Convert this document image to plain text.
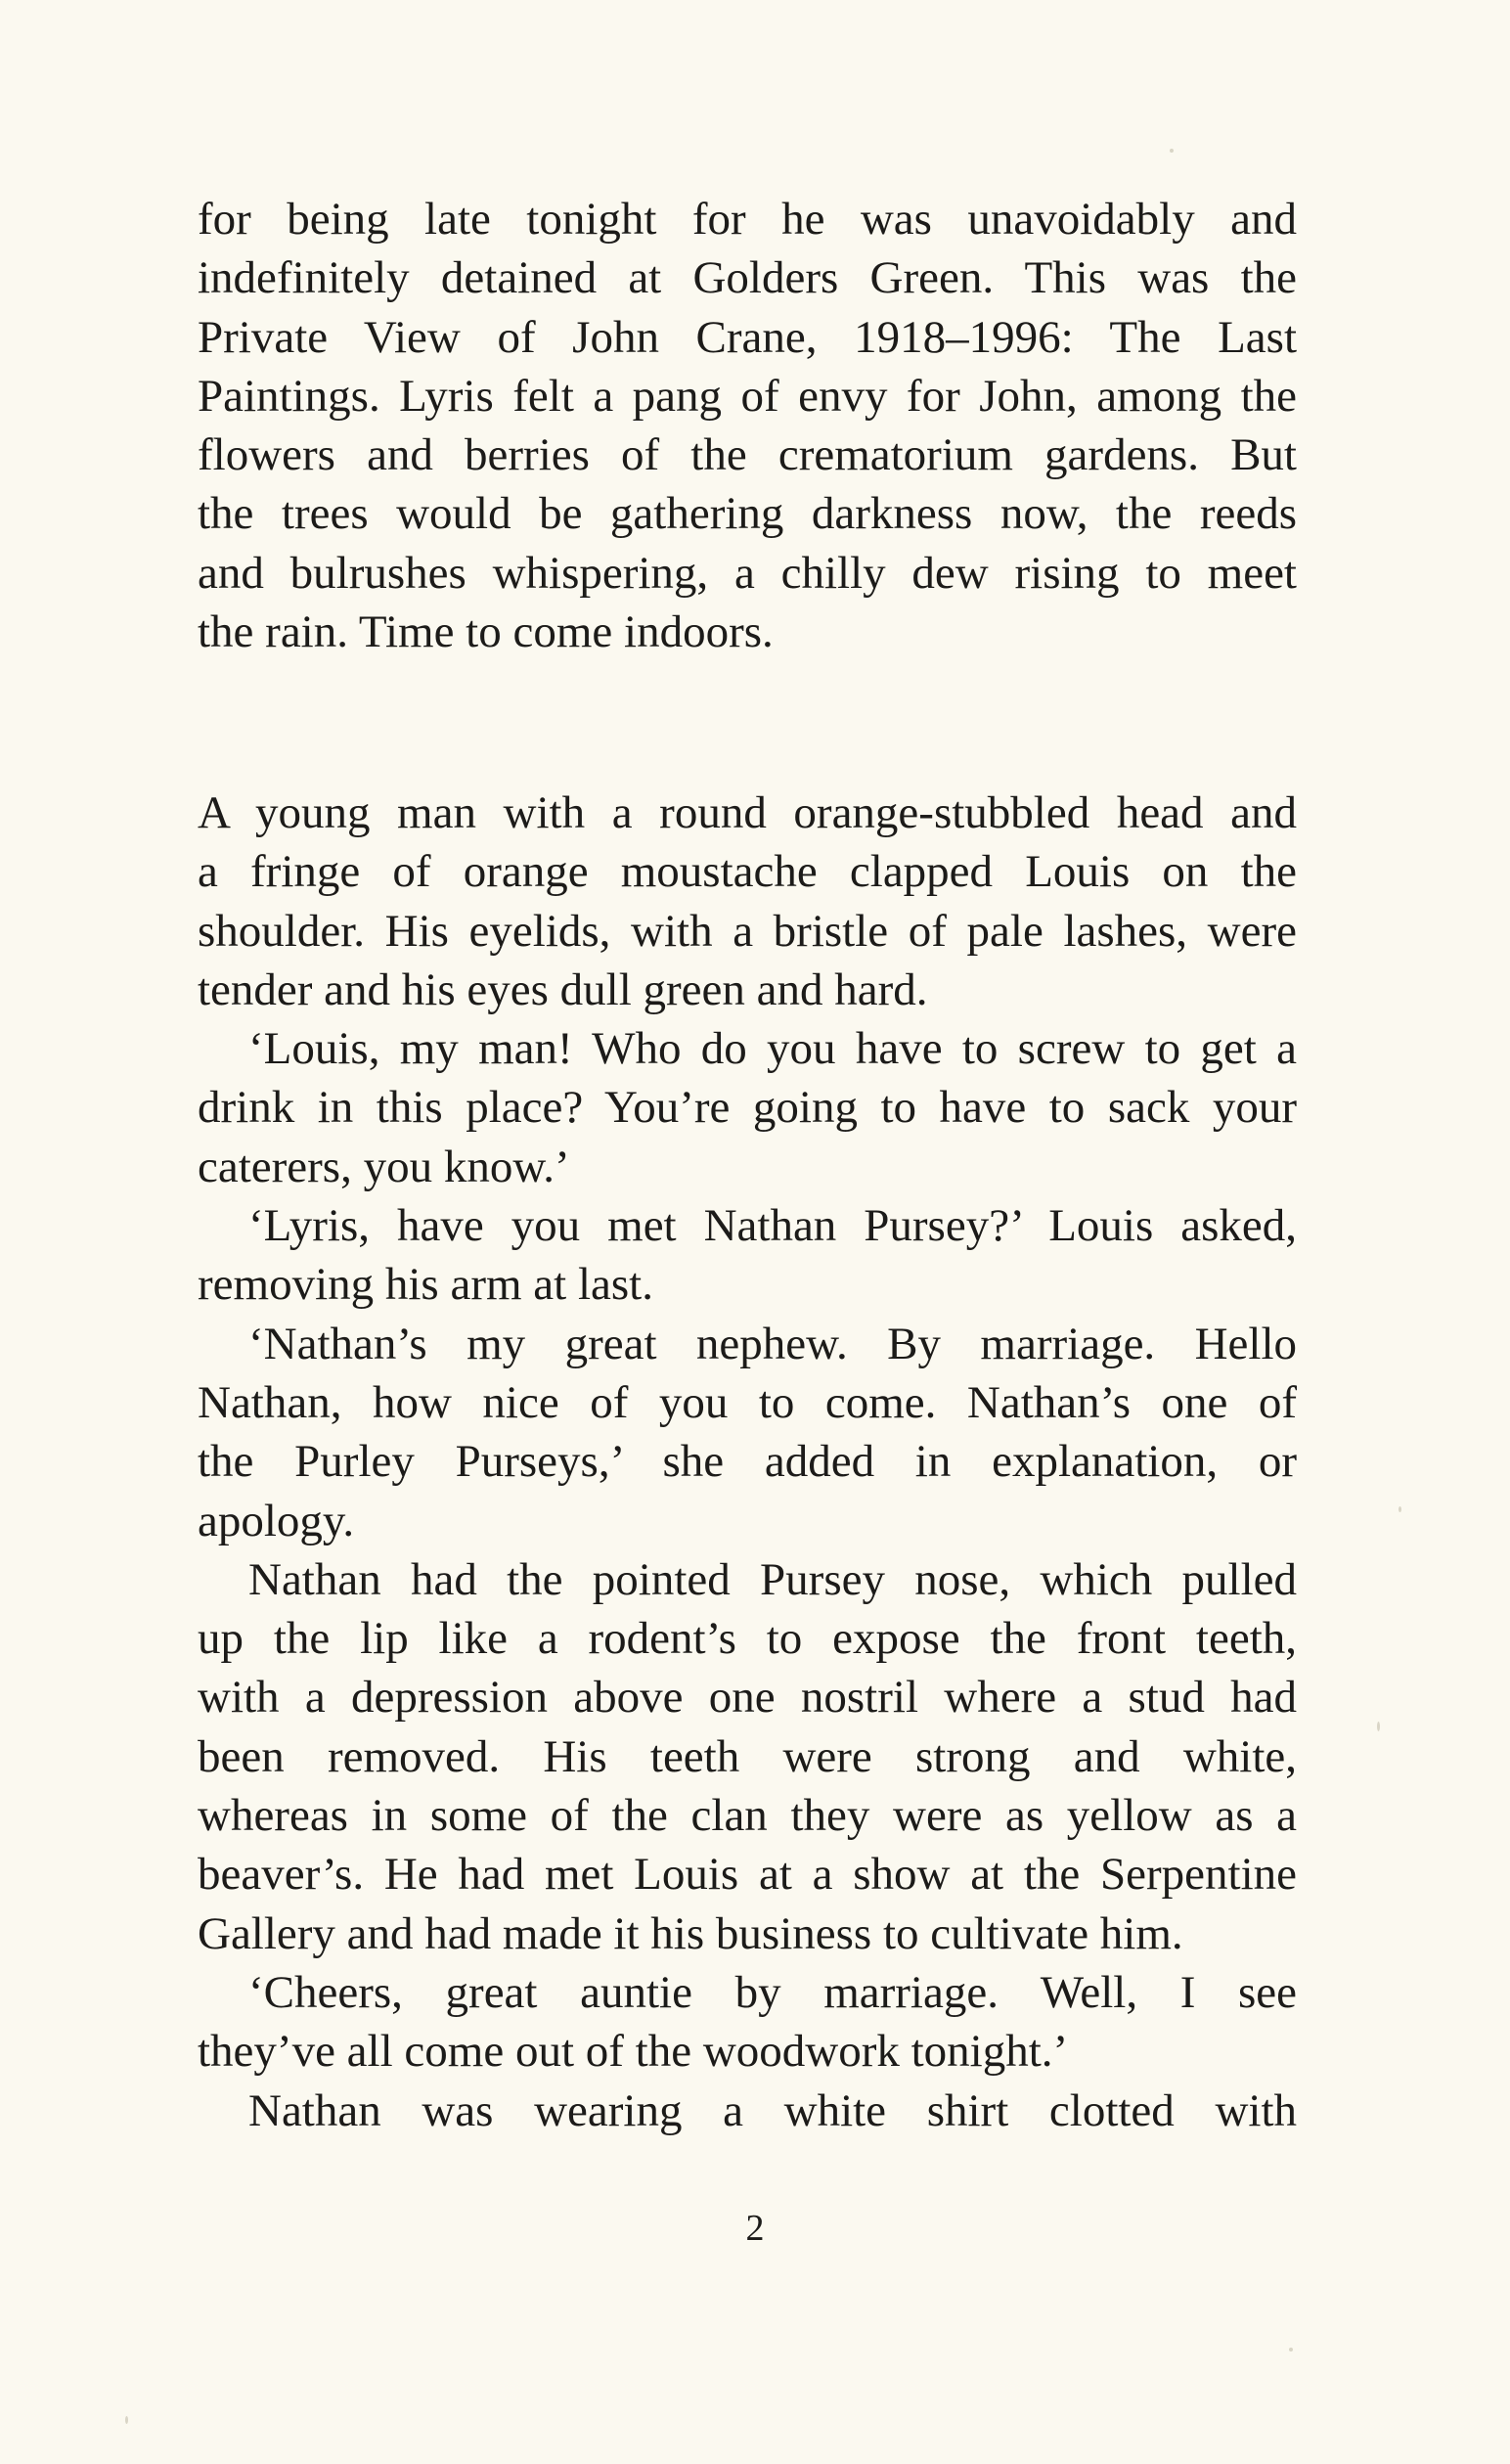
for being late tonight for he was unavoidably and
indefinitely detained at Golders Green. This was the
Private View of John Crane, 1918–1996: The Last
Paintings. Lyris felt a pang of envy for John, among the
flowers and berries of the crematorium gardens. But
the trees would be gathering darkness now, the reeds
and bulrushes whispering, a chilly dew rising to meet
the rain. Time to come indoors.
A young man with a round orange-stubbled head and
a fringe of orange moustache clapped Louis on the
shoulder. His eyelids, with a bristle of pale lashes, were
tender and his eyes dull green and hard.
‘Louis, my man! Who do you have to screw to get a
drink in this place? You’re going to have to sack your
caterers, you know.’
‘Lyris, have you met Nathan Pursey?’ Louis asked,
removing his arm at last.
‘Nathan’s my great nephew. By marriage. Hello
Nathan, how nice of you to come. Nathan’s one of
the Purley Purseys,’ she added in explanation, or
apology.
Nathan had the pointed Pursey nose, which pulled
up the lip like a rodent’s to expose the front teeth,
with a depression above one nostril where a stud had
been removed. His teeth were strong and white,
whereas in some of the clan they were as yellow as a
beaver’s. He had met Louis at a show at the Serpentine
Gallery and had made it his business to cultivate him.
‘Cheers, great auntie by marriage. Well, I see
they’ve all come out of the woodwork tonight.’
Nathan was wearing a white shirt clotted with
2
